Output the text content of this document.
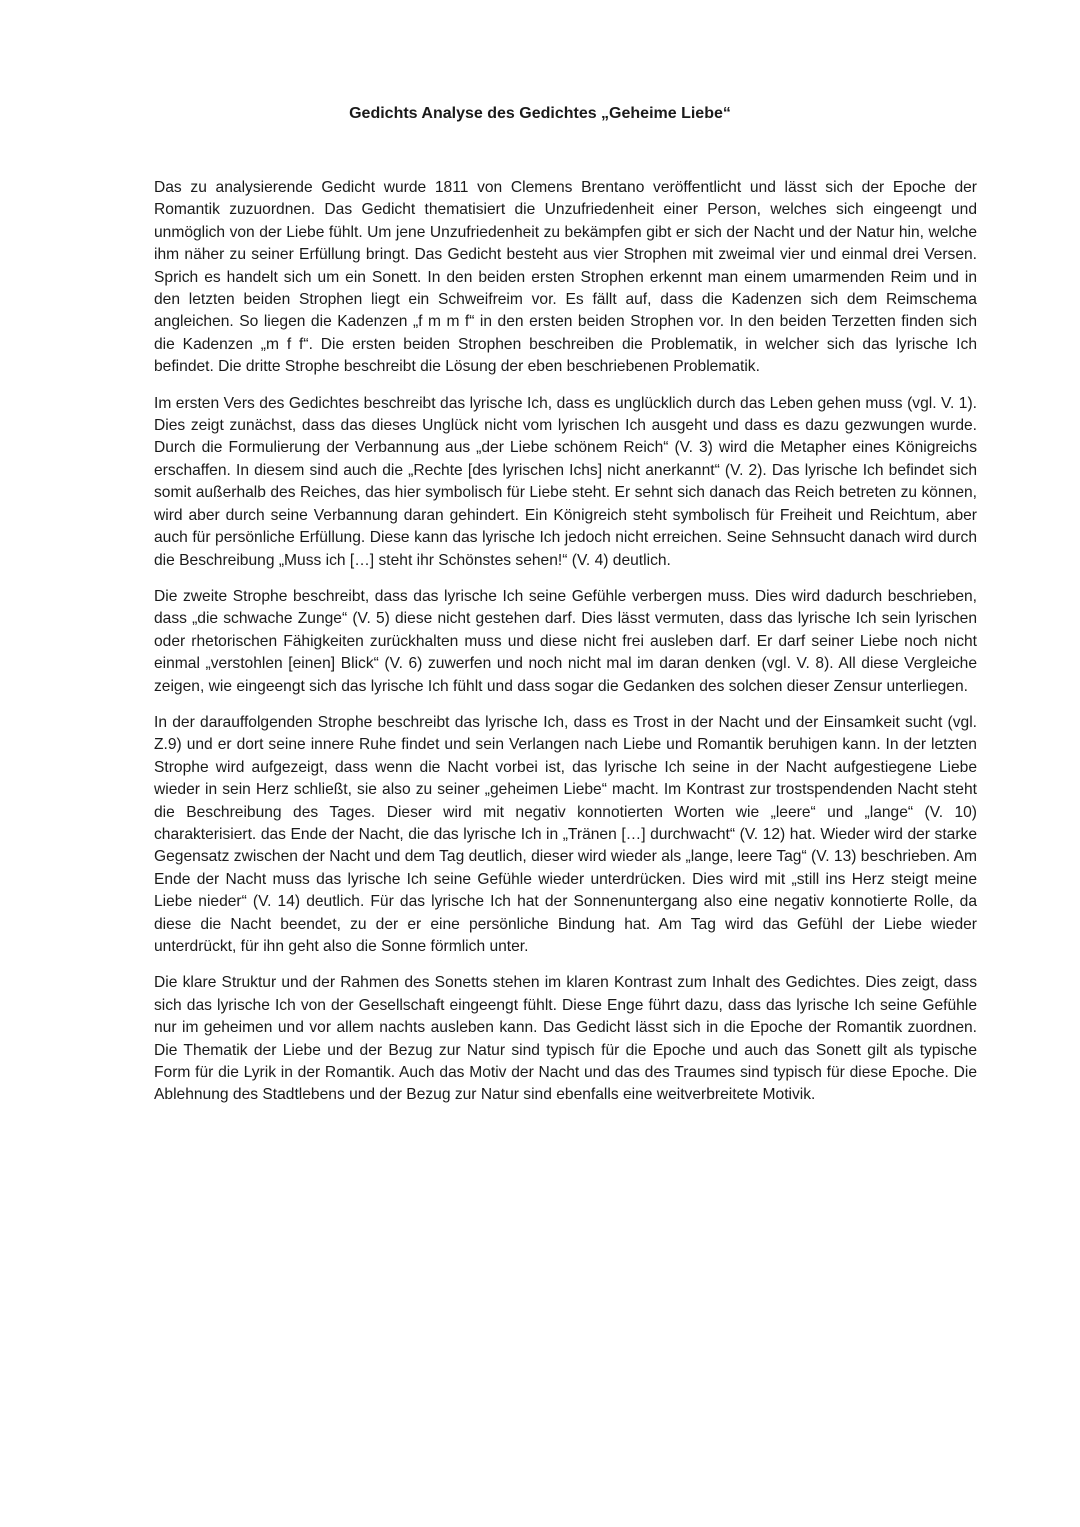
Gedichts Analyse des Gedichtes „Geheime Liebe“

Das zu analysierende Gedicht wurde 1811 von Clemens Brentano veröffentlicht und lässt sich der Epoche der Romantik zuzuordnen. Das Gedicht thematisiert die Unzufriedenheit einer Person, welches sich eingeengt und unmöglich von der Liebe fühlt. Um jene Unzufriedenheit zu bekämpfen gibt er sich der Nacht und der Natur hin, welche ihm näher zu seiner Erfüllung bringt. Das Gedicht besteht aus vier Strophen mit zweimal vier und einmal drei Versen. Sprich es handelt sich um ein Sonett. In den beiden ersten Strophen erkennt man einem umarmenden Reim und in den letzten beiden Strophen liegt ein Schweifreim vor. Es fällt auf, dass die Kadenzen sich dem Reimschema angleichen. So liegen die Kadenzen „f m m f“ in den ersten beiden Strophen vor. In den beiden Terzetten finden sich die Kadenzen „m f f“. Die ersten beiden Strophen beschreiben die Problematik, in welcher sich das lyrische Ich befindet. Die dritte Strophe beschreibt die Lösung der eben beschriebenen Problematik.

Im ersten Vers des Gedichtes beschreibt das lyrische Ich, dass es unglücklich durch das Leben gehen muss (vgl. V. 1). Dies zeigt zunächst, dass das dieses Unglück nicht vom lyrischen Ich ausgeht und dass es dazu gezwungen wurde. Durch die Formulierung der Verbannung aus „der Liebe schönem Reich“ (V. 3) wird die Metapher eines Königreichs erschaffen. In diesem sind auch die „Rechte [des lyrischen Ichs] nicht anerkannt“ (V. 2). Das lyrische Ich befindet sich somit außerhalb des Reiches, das hier symbolisch für Liebe steht. Er sehnt sich danach das Reich betreten zu können, wird aber durch seine Verbannung daran gehindert. Ein Königreich steht symbolisch für Freiheit und Reichtum, aber auch für persönliche Erfüllung. Diese kann das lyrische Ich jedoch nicht erreichen. Seine Sehnsucht danach wird durch die Beschreibung „Muss ich […] steht ihr Schönstes sehen!“ (V. 4) deutlich.

Die zweite Strophe beschreibt, dass das lyrische Ich seine Gefühle verbergen muss. Dies wird dadurch beschrieben, dass „die schwache Zunge“ (V. 5) diese nicht gestehen darf. Dies lässt vermuten, dass das lyrische Ich sein lyrischen oder rhetorischen Fähigkeiten zurückhalten muss und diese nicht frei ausleben darf. Er darf seiner Liebe noch nicht einmal „verstohlen [einen] Blick“ (V. 6) zuwerfen und noch nicht mal im daran denken (vgl. V. 8). All diese Vergleiche zeigen, wie eingeengt sich das lyrische Ich fühlt und dass sogar die Gedanken des solchen dieser Zensur unterliegen.

In der darauffolgenden Strophe beschreibt das lyrische Ich, dass es Trost in der Nacht und der Einsamkeit sucht (vgl. Z.9) und er dort seine innere Ruhe findet und sein Verlangen nach Liebe und Romantik beruhigen kann. In der letzten Strophe wird aufgezeigt, dass wenn die Nacht vorbei ist, das lyrische Ich seine in der Nacht aufgestiegene Liebe wieder in sein Herz schließt, sie also zu seiner „geheimen Liebe“ macht. Im Kontrast zur trostspendenden Nacht steht die Beschreibung des Tages. Dieser wird mit negativ konnotierten Worten wie „leere“ und „lange“ (V. 10) charakterisiert. das Ende der Nacht, die das lyrische Ich in „Tränen […] durchwacht“ (V. 12) hat. Wieder wird der starke Gegensatz zwischen der Nacht und dem Tag deutlich, dieser wird wieder als „lange, leere Tag“ (V. 13) beschrieben. Am Ende der Nacht muss das lyrische Ich seine Gefühle wieder unterdrücken. Dies wird mit „still ins Herz steigt meine Liebe nieder“ (V. 14) deutlich. Für das lyrische Ich hat der Sonnenuntergang also eine negativ konnotierte Rolle, da diese die Nacht beendet, zu der er eine persönliche Bindung hat. Am Tag wird das Gefühl der Liebe wieder unterdrückt, für ihn geht also die Sonne förmlich unter.

Die klare Struktur und der Rahmen des Sonetts stehen im klaren Kontrast zum Inhalt des Gedichtes. Dies zeigt, dass sich das lyrische Ich von der Gesellschaft eingeengt fühlt. Diese Enge führt dazu, dass das lyrische Ich seine Gefühle nur im geheimen und vor allem nachts ausleben kann. Das Gedicht lässt sich in die Epoche der Romantik zuordnen. Die Thematik der Liebe und der Bezug zur Natur sind typisch für die Epoche und auch das Sonett gilt als typische Form für die Lyrik in der Romantik. Auch das Motiv der Nacht und das des Traumes sind typisch für diese Epoche. Die Ablehnung des Stadtlebens und der Bezug zur Natur sind ebenfalls eine weitverbreitete Motivik.
